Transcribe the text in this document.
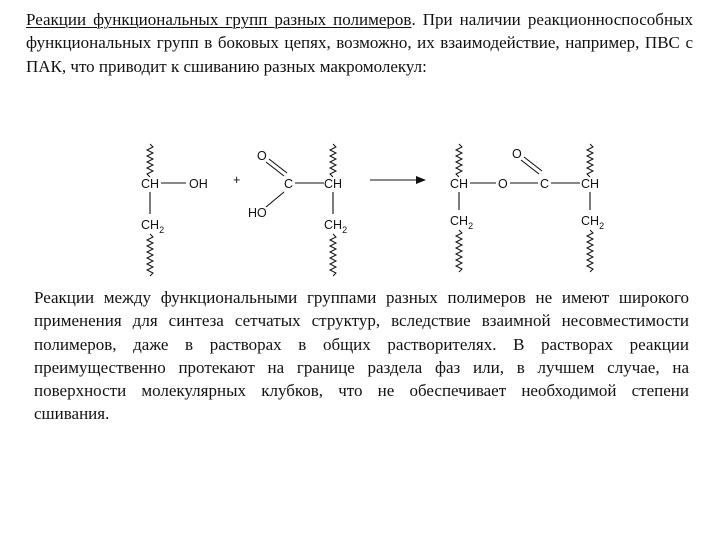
Реакции функциональных групп разных полимеров. При наличии реакционноспособных функциональных групп в боковых цепях, возможно, их взаимодействие, например, ПВС с ПАК, что приводит к сшиванию разных макромолекул:

CH OH
$CH_2$
+
O
C
HO
CH
$CH_2$
CH O
O
C	CH
$CH_2$	$CH_2$

Реакции между функциональными группами разных полимеров не имеют широкого применения для синтеза сетчатых структур, вследствие взаимной несовместимости полимеров, даже в растворах в общих растворителях. В растворах реакции преимущественно протекают на границе раздела фаз или, в лучшем случае, на поверхности молекулярных клубков, что не обеспечивает необходимой степени сшивания.
